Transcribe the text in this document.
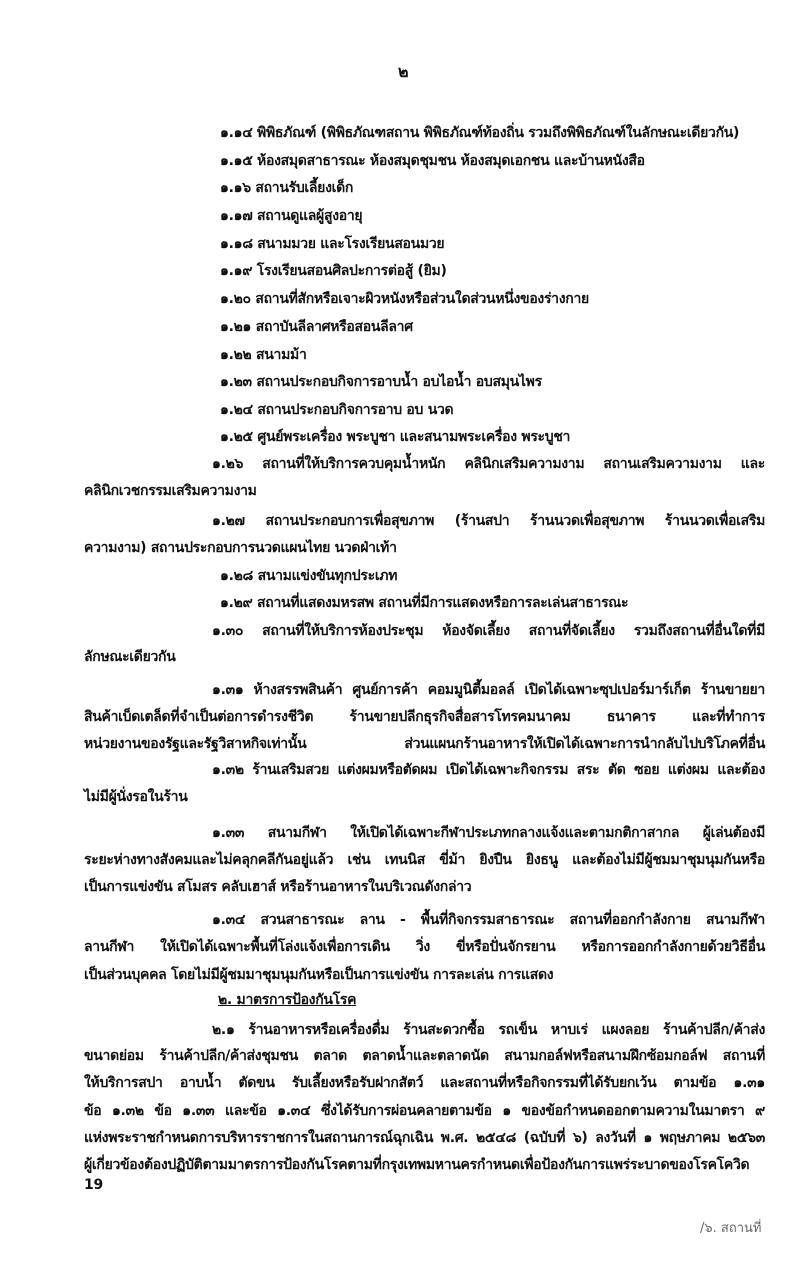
๒
๑.๑๔ พิพิธภัณฑ์ (พิพิธภัณฑสถาน พิพิธภัณฑ์ท้องถิ่น รวมถึงพิพิธภัณฑ์ในลักษณะเดียวกัน)
๑.๑๕ ห้องสมุดสาธารณะ ห้องสมุดชุมชน ห้องสมุดเอกชน และบ้านหนังสือ
๑.๑๖ สถานรับเลี้ยงเด็ก
๑.๑๗ สถานดูแลผู้สูงอายุ
๑.๑๘ สนามมวย และโรงเรียนสอนมวย
๑.๑๙ โรงเรียนสอนศิลปะการต่อสู้ (ยิม)
๑.๒๐ สถานที่สักหรือเจาะผิวหนังหรือส่วนใดส่วนหนึ่งของร่างกาย
๑.๒๑ สถาบันลีลาศหรือสอนลีลาศ
๑.๒๒ สนามม้า
๑.๒๓ สถานประกอบกิจการอาบน้ำ อบไอน้ำ อบสมุนไพร
๑.๒๔ สถานประกอบกิจการอาบ อบ นวด
๑.๒๕ ศูนย์พระเครื่อง พระบูชา และสนามพระเครื่อง พระบูชา
๑.๒๖ สถานที่ให้บริการควบคุมน้ำหนัก คลินิกเสริมความงาม สถานเสริมความงาม และ
คลินิกเวชกรรมเสริมความงาม
๑.๒๗ สถานประกอบการเพื่อสุขภาพ (ร้านสปา ร้านนวดเพื่อสุขภาพ ร้านนวดเพื่อเสริม
ความงาม) สถานประกอบการนวดแผนไทย นวดฝ่าเท้า
๑.๒๘ สนามแข่งขันทุกประเภท
๑.๒๙ สถานที่แสดงมหรสพ สถานที่มีการแสดงหรือการละเล่นสาธารณะ
๑.๓๐ สถานที่ให้บริการห้องประชุม ห้องจัดเลี้ยง สถานที่จัดเลี้ยง รวมถึงสถานที่อื่นใดที่มี
ลักษณะเดียวกัน
๑.๓๑ ห้างสรรพสินค้า ศูนย์การค้า คอมมูนิตี้มอลล์ เปิดได้เฉพาะซุปเปอร์มาร์เก็ต ร้านขายยา
สินค้าเบ็ดเตล็ดที่จำเป็นต่อการดำรงชีวิต ร้านขายปลีกธุรกิจสื่อสารโทรคมนาคม ธนาคาร และที่ทำการ
หน่วยงานของรัฐและรัฐวิสาหกิจเท่านั้น ส่วนแผนกร้านอาหารให้เปิดได้เฉพาะการนำกลับไปบริโภคที่อื่น
๑.๓๒ ร้านเสริมสวย แต่งผมหรือตัดผม เปิดได้เฉพาะกิจกรรม สระ ตัด ซอย แต่งผม และต้อง
ไม่มีผู้นั่งรอในร้าน
๑.๓๓ สนามกีฬา ให้เปิดได้เฉพาะกีฬาประเภทกลางแจ้งและตามกติกาสากล ผู้เล่นต้องมี
ระยะห่างทางสังคมและไม่คลุกคลีกันอยู่แล้ว เช่น เทนนิส ขี่ม้า ยิงปืน ยิงธนู และต้องไม่มีผู้ชมมาชุมนุมกันหรือ
เป็นการแข่งขัน สโมสร คลับเฮาส์ หรือร้านอาหารในบริเวณดังกล่าว
๑.๓๔ สวนสาธารณะ ลาน - พื้นที่กิจกรรมสาธารณะ สถานที่ออกกำลังกาย สนามกีฬา
ลานกีฬา ให้เปิดได้เฉพาะพื้นที่โล่งแจ้งเพื่อการเดิน วิ่ง ขี่หรือปั่นจักรยาน หรือการออกกำลังกายด้วยวิธีอื่น
เป็นส่วนบุคคล โดยไม่มีผู้ชมมาชุมนุมกันหรือเป็นการแข่งขัน การละเล่น การแสดง
๒. มาตรการป้องกันโรค
๒.๑ ร้านอาหารหรือเครื่องดื่ม ร้านสะดวกซื้อ รถเข็น หาบเร่ แผงลอย ร้านค้าปลีก/ค้าส่ง
ขนาดย่อม ร้านค้าปลีก/ค้าส่งชุมชน ตลาด ตลาดน้ำและตลาดนัด สนามกอล์ฟหรือสนามฝึกซ้อมกอล์ฟ สถานที่
ให้บริการสปา อาบน้ำ ตัดขน รับเลี้ยงหรือรับฝากสัตว์ และสถานที่หรือกิจกรรมที่ได้รับยกเว้น ตามข้อ ๑.๓๑
ข้อ ๑.๓๒ ข้อ ๑.๓๓ และข้อ ๑.๓๔ ซึ่งได้รับการผ่อนคลายตามข้อ ๑ ของข้อกำหนดออกตามความในมาตรา ๙
แห่งพระราชกำหนดการบริหารราชการในสถานการณ์ฉุกเฉิน พ.ศ. ๒๕๔๘ (ฉบับที่ ๖) ลงวันที่ ๑ พฤษภาคม ๒๕๖๓
ผู้เกี่ยวข้องต้องปฏิบัติตามมาตรการป้องกันโรคตามที่กรุงเทพมหานครกำหนดเพื่อป้องกันการแพร่ระบาดของโรคโควิด 19
/๖. สถานที่
